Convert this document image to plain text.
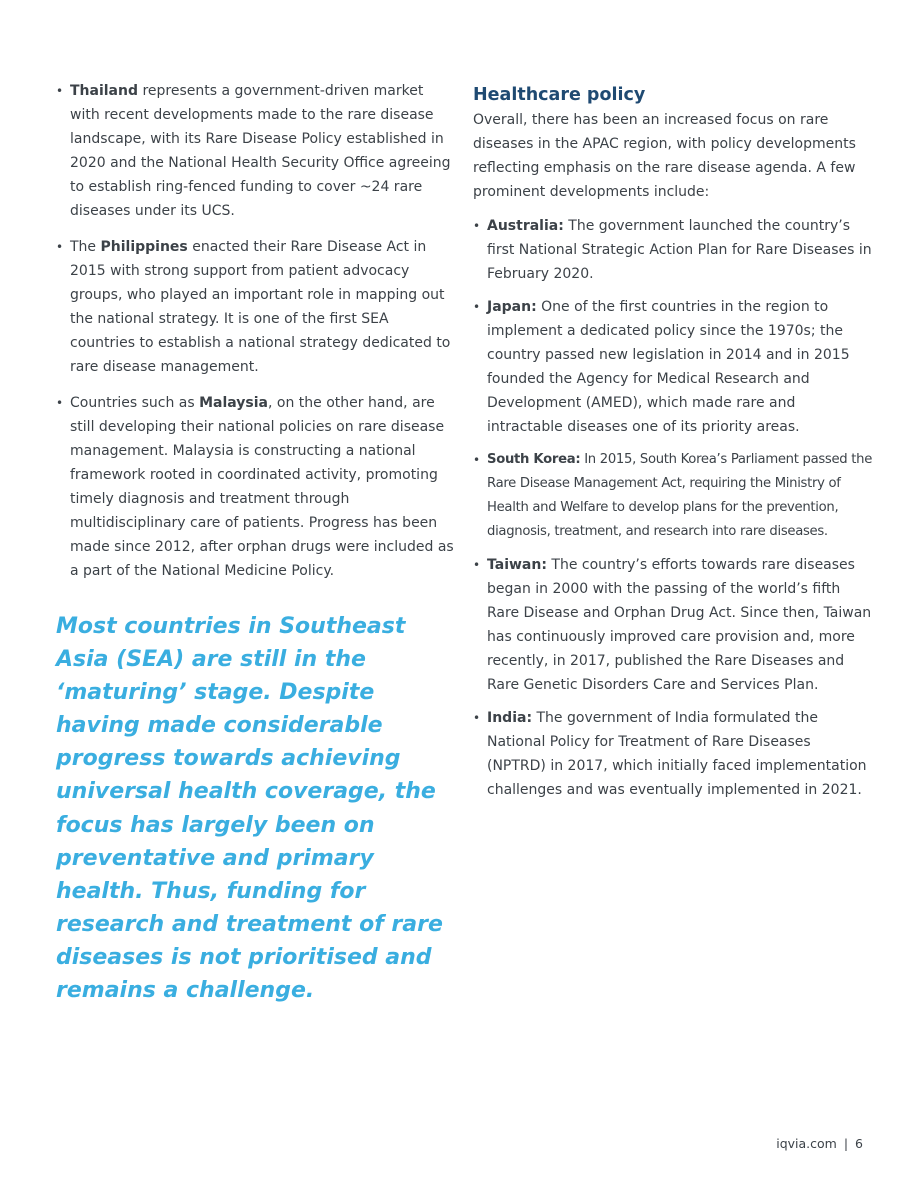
• Thailand represents a government-driven market with recent developments made to the rare disease landscape, with its Rare Disease Policy established in 2020 and the National Health Security Office agreeing to establish ring-fenced funding to cover ~24 rare diseases under its UCS.
• The Philippines enacted their Rare Disease Act in 2015 with strong support from patient advocacy groups, who played an important role in mapping out the national strategy. It is one of the first SEA countries to establish a national strategy dedicated to rare disease management.
• Countries such as Malaysia, on the other hand, are still developing their national policies on rare disease management. Malaysia is constructing a national framework rooted in coordinated activity, promoting timely diagnosis and treatment through multidisciplinary care of patients. Progress has been made since 2012, after orphan drugs were included as a part of the National Medicine Policy.
Most countries in Southeast Asia (SEA) are still in the ‘maturing’ stage. Despite having made considerable progress towards achieving universal health coverage, the focus has largely been on preventative and primary health. Thus, funding for research and treatment of rare diseases is not prioritised and remains a challenge.
Healthcare policy

Overall, there has been an increased focus on rare diseases in the APAC region, with policy developments reflecting emphasis on the rare disease agenda. A few prominent developments include:

• Australia: The government launched the country’s first National Strategic Action Plan for Rare Diseases in February 2020.
• Japan: One of the first countries in the region to implement a dedicated policy since the 1970s; the country passed new legislation in 2014 and in 2015 founded the Agency for Medical Research and Development (AMED), which made rare and intractable diseases one of its priority areas.
• South Korea: In 2015, South Korea’s Parliament passed the Rare Disease Management Act, requiring the Ministry of Health and Welfare to develop plans for the prevention, diagnosis, treatment, and research into rare diseases.
• Taiwan: The country’s efforts towards rare diseases began in 2000 with the passing of the world’s fifth Rare Disease and Orphan Drug Act. Since then, Taiwan has continuously improved care provision and, more recently, in 2017, published the Rare Diseases and Rare Genetic Disorders Care and Services Plan.
• India: The government of India formulated the National Policy for Treatment of Rare Diseases (NPTRD) in 2017, which initially faced implementation challenges and was eventually implemented in 2021.
iqvia.com | 6
